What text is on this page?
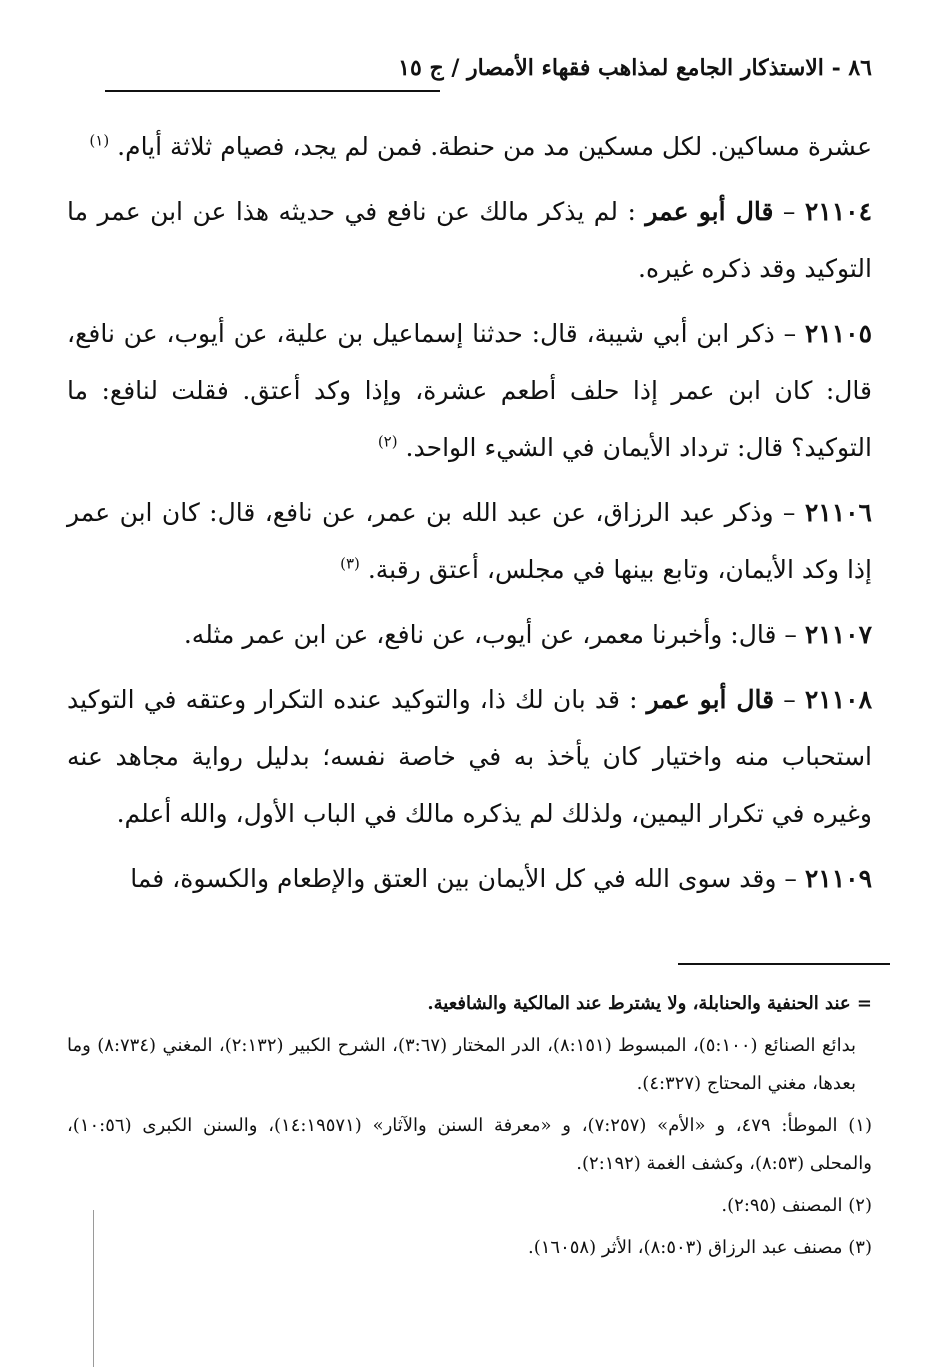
٨٦ - الاستذكار الجامع لمذاهب فقهاء الأمصار / ج ١٥

عشرة مساكين. لكل مسكين مد من حنطة. فمن لم يجد، فصيام ثلاثة أيام. $^{(١)}$

٢١١٠٤ – قال أبو عمر : لم يذكر مالك عن نافع في حديثه هذا عن ابن عمر ما التوكيد وقد ذكره غيره.

٢١١٠٥ – ذكر ابن أبي شيبة، قال: حدثنا إسماعيل بن علية، عن أيوب، عن نافع، قال: كان ابن عمر إذا حلف أطعم عشرة، وإذا وكد أعتق. فقلت لنافع: ما التوكيد؟ قال: ترداد الأيمان في الشيء الواحد. $^{(٢)}$

٢١١٠٦ – وذكر عبد الرزاق، عن عبد الله بن عمر، عن نافع، قال: كان ابن عمر إذا وكد الأيمان، وتابع بينها في مجلس، أعتق رقبة. $^{(٣)}$

٢١١٠٧ – قال: وأخبرنا معمر، عن أيوب، عن نافع، عن ابن عمر مثله.

٢١١٠٨ – قال أبو عمر : قد بان لك ذا، والتوكيد عنده التكرار وعتقه في التوكيد استحباب منه واختيار كان يأخذ به في خاصة نفسه؛ بدليل رواية مجاهد عنه وغيره في تكرار اليمين، ولذلك لم يذكره مالك في الباب الأول، والله أعلم.

٢١١٠٩ – وقد سوى الله في كل الأيمان بين العتق والإطعام والكسوة، فما

= عند الحنفية والحنابلة، ولا يشترط عند المالكية والشافعية.

بدائع الصنائع (٥:١٠٠)، المبسوط (٨:١٥١)، الدر المختار (٣:٦٧)، الشرح الكبير (٢:١٣٢)، المغني (٨:٧٣٤) وما بعدها، مغني المحتاج (٤:٣٢٧).

(١) الموطأ: ٤٧٩، و «الأم» (٧:٢٥٧)، و «معرفة السنن والآثار» (١٤:١٩٥٧١)، والسنن الكبرى (١٠:٥٦)، والمحلى (٨:٥٣)، وكشف الغمة (٢:١٩٢).

(٢) المصنف (٢:٩٥).

(٣) مصنف عبد الرزاق (٨:٥٠٣)، الأثر (١٦٠٥٨).
